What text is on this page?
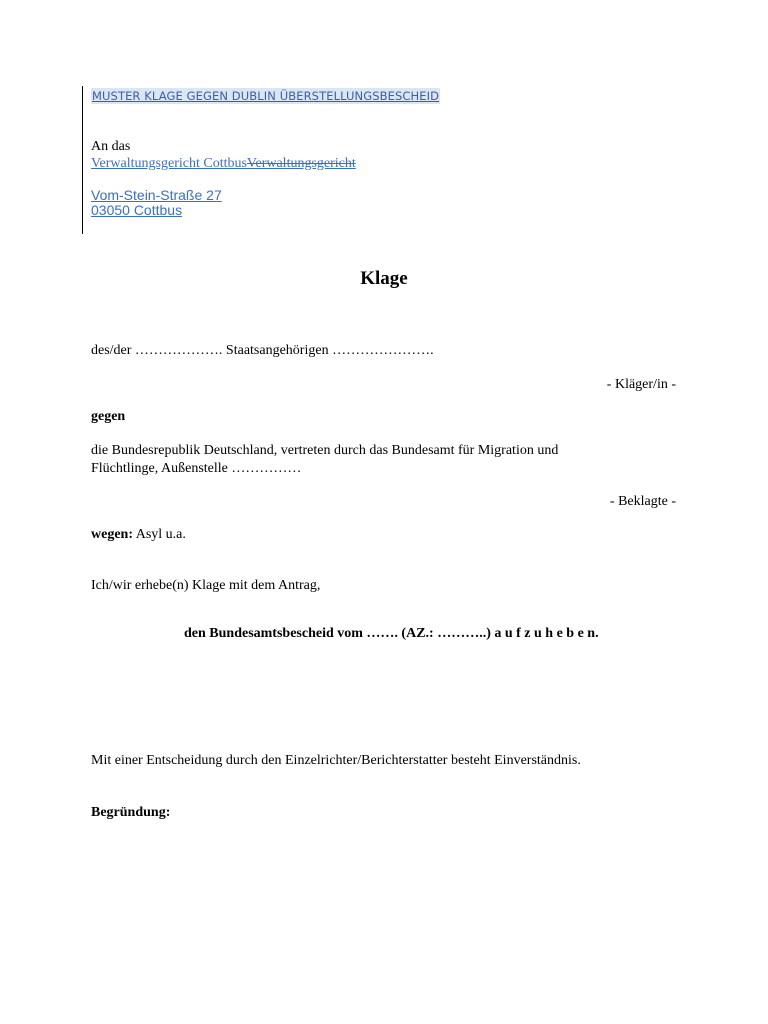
MUSTER KLAGE GEGEN DUBLIN ÜBERSTELLUNGSBESCHEID
An das
Verwaltungsgericht CottbusVerwaltungsgericht
Vom-Stein-Straße 27
03050 Cottbus
Klage
des/der ………………. Staatsangehörigen ………………….
- Kläger/in -
gegen
die Bundesrepublik Deutschland, vertreten durch das Bundesamt für Migration und
Flüchtlinge, Außenstelle ……………
- Beklagte -
wegen: Asyl u.a.
Ich/wir erhebe(n) Klage mit dem Antrag,
den Bundesamtsbescheid vom ……. (AZ.: ………..) a u f z u h e b e n.
Mit einer Entscheidung durch den Einzelrichter/Berichterstatter besteht Einverständnis.
Begründung:
